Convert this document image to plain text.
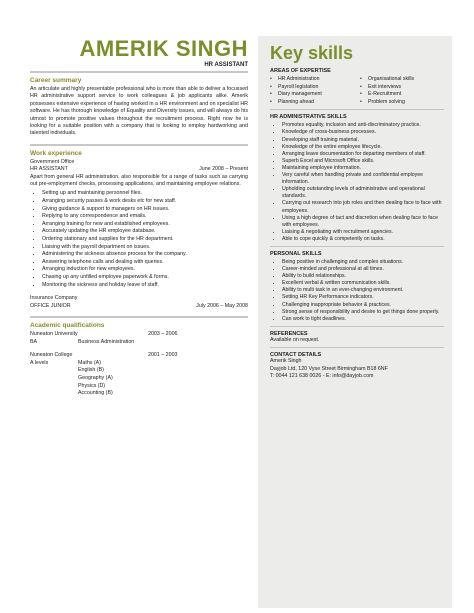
AMERIK SINGH
HR ASSISTANT
Career summary
An articulate and highly presentable professional who is more than able to deliver a focussed HR administrative support service to work colleagues & job applicants alike. Amerik possesses extensive experience of having worked in a HR environment and on specialist HR software. He has thorough knowledge of Equality and Diversity issues, and will always do his utmost to promote positive values throughout the recruitment process. Right now he is looking for a suitable position with a company that is looking to employ hardworking and talented individuals.
Work experience
Government Office
HR ASSISTANT	June 2008 – Present
Apart from general HR administration, also responsible for a range of tasks such as carrying out pre-employment checks, processing applications, and maintaining employee relations.
• Setting up and maintaining personnel files.
• Arranging security passes & work desks etc for new staff.
• Giving guidance & support to managers on HR issues.
• Replying to any correspondence and emails.
• Arranging training for new and established employees.
• Accurately updating the HR employee database.
• Ordering stationary and supplies for the HR department.
• Liaising with the payroll department on issues.
• Administering the sickness absence process for the company.
• Answering telephone calls and dealing with queries.
• Arranging induction for new employees.
• Chasing up any unfilled employee paperwork & forms.
• Monitoring the sickness and holiday leave of staff.
Insurance Company
OFFICE JUNIOR	July 2006 – May 2008
Academic qualifications
Nuneaton University	2003 – 2006
BA	Business Administration
Nuneaton College	2001 – 2003
A levels	Maths (A)
English (B)
Geography (A)
Physics (D)
Accounting (B)
Key skills
AREAS OF EXPERTISE
• HR Administration	• Organisational skills
• Payroll legislation	• Exit interviews
• Diary management	• E-Recruitment
• Planning ahead	• Problem solving
HR ADMINISTRATIVE SKILLS
• Promotes equality, inclusion and anti-discriminatory practice.
• Knowledge of cross-business processes.
• Developing staff training material.
• Knowledge of the entire employee lifecycle.
• Arranging leave documentation for departing members of staff.
• Superb Excel and Microsoft Office skills.
• Maintaining employee information.
• Very careful when handling private and confidential employee information.
• Upholding outstanding levels of administrative and operational standards.
• Carrying out research into job roles and then dealing face to face with employees.
• Using a high degree of tact and discretion when dealing face to face with employees.
• Liaising & negotiating with recruitment agencies.
• Able to cope quickly & competently on tasks.
PERSONAL SKILLS
• Being positive in challenging and complex situations.
• Career-minded and professional at all times.
• Ability to build relationships.
• Excellent verbal & written communication skills.
• Ability to multi task in an ever-changing environment.
• Setting HR Key Performance indicators.
• Challenging inappropriate behavior & practices.
• Strong sense of responsibility and desire to get things done properly.
• Can work to tight deadlines.
REFERENCES
Available on request.
CONTACT DETAILS
Amerik Singh
Dayjob Ltd, 120 Vyse Street Birmingham B18 6NF
T: 0044 121 638 0026 - E: info@dayjob.com
